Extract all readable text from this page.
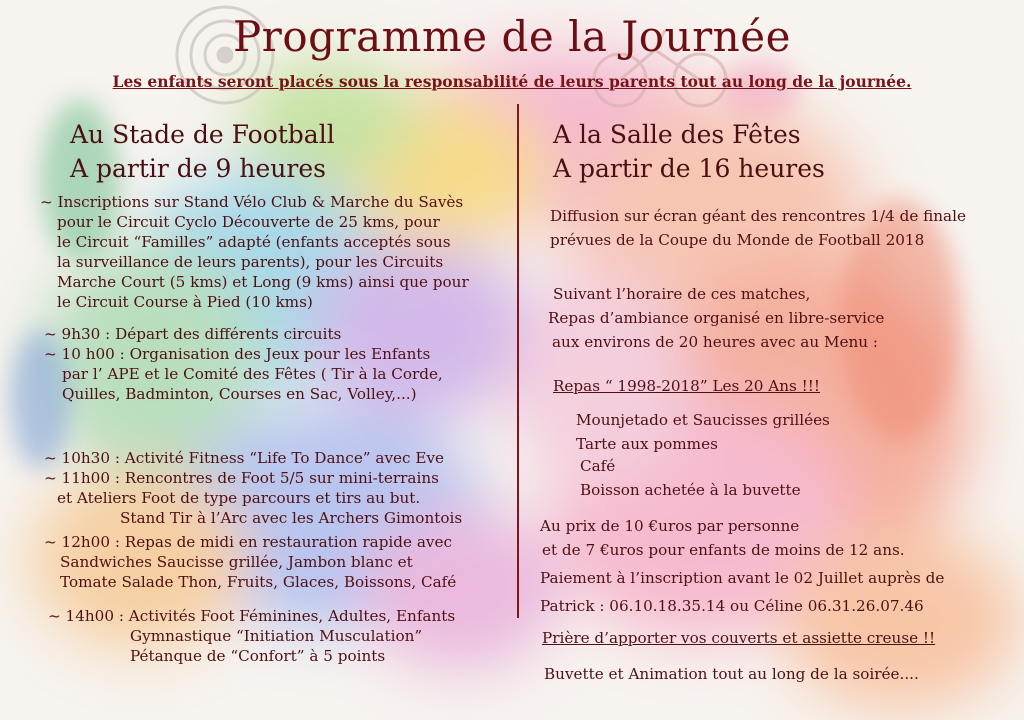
Programme de la Journée
Les enfants seront placés sous la responsabilité de leurs parents tout au long de la journée.
Au Stade de Football
A partir de 9 heures
~ Inscriptions sur Stand Vélo Club & Marche du Savès
pour le Circuit Cyclo Découverte de 25 kms, pour
le Circuit “Familles” adapté (enfants acceptés sous
la surveillance de leurs parents), pour les Circuits
Marche Court (5 kms) et Long (9 kms) ainsi que pour
le Circuit Course à Pied (10 kms)
~ 9h30 : Départ des différents circuits
~ 10 h00 : Organisation des Jeux pour les Enfants
par l’ APE et le Comité des Fêtes ( Tir à la Corde,
Quilles, Badminton, Courses en Sac, Volley,...)
~ 10h30 : Activité Fitness “Life To Dance” avec Eve
~ 11h00 : Rencontres de Foot 5/5 sur mini-terrains
et Ateliers Foot de type parcours et tirs au but.
Stand Tir à l’Arc avec les Archers Gimontois
~ 12h00 : Repas de midi en restauration rapide avec
Sandwiches Saucisse grillée, Jambon blanc et
Tomate Salade Thon, Fruits, Glaces, Boissons, Café
~ 14h00 : Activités Foot Féminines, Adultes, Enfants
Gymnastique “Initiation Musculation”
Pétanque de “Confort” à 5 points
A la Salle des Fêtes
A partir de 16 heures
Diffusion sur écran géant des rencontres 1/4 de finale
prévues de la Coupe du Monde de Football 2018
Suivant l’horaire de ces matches,
Repas d’ambiance organisé en libre-service
aux environs de 20 heures avec au Menu :
Repas “ 1998-2018” Les 20 Ans !!!
Mounjetado et Saucisses grillées
Tarte aux pommes
Café
Boisson achetée à la buvette
Au prix de 10 €uros par personne
et de 7 €uros pour enfants de moins de 12 ans.
Paiement à l’inscription avant le 02 Juillet auprès de
Patrick : 06.10.18.35.14 ou Céline 06.31.26.07.46
Prière d’apporter vos couverts et assiette creuse !!
Buvette et Animation tout au long de la soirée....
